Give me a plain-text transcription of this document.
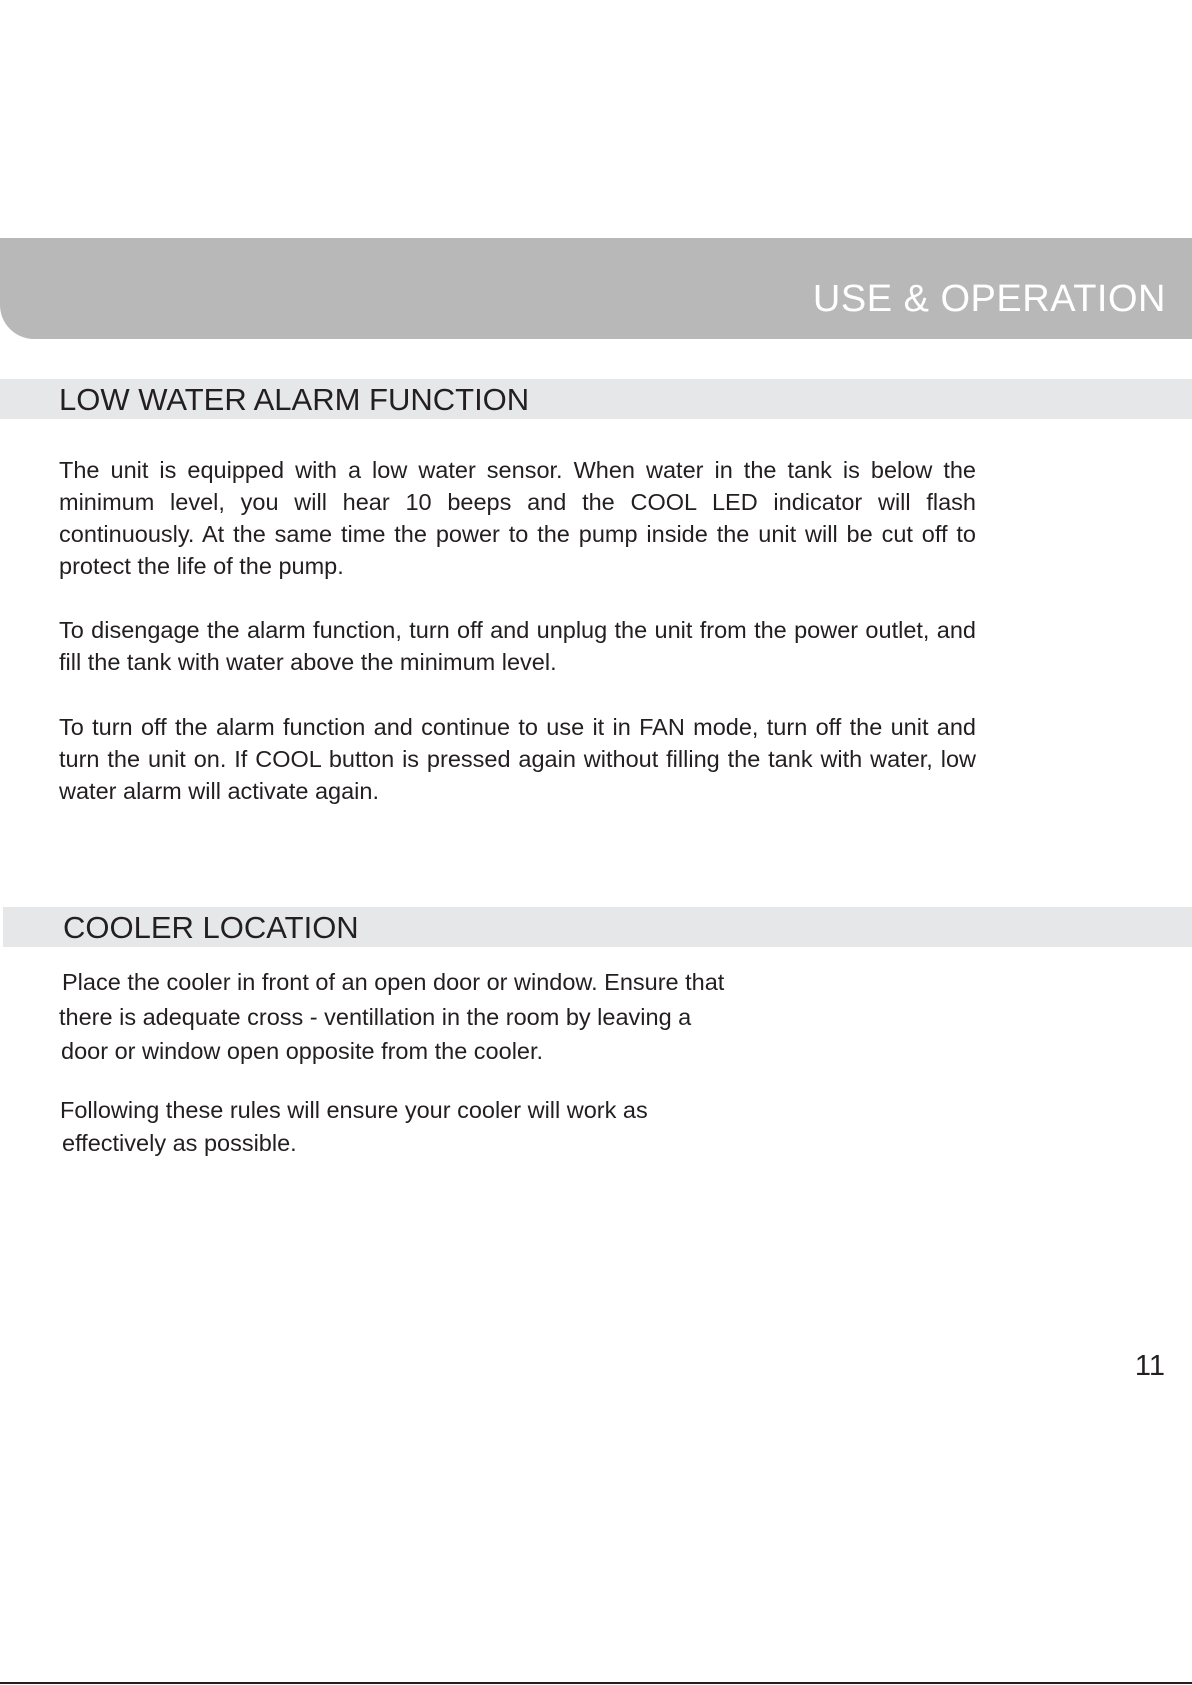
USE & OPERATION
LOW WATER ALARM FUNCTION

The unit is equipped with a low water sensor. When water in the tank is below the minimum level, you will hear 10 beeps and the COOL LED indicator will flash continuously. At the same time the power to the pump inside the unit will be cut off to protect the life of the pump.

To disengage the alarm function, turn off and unplug the unit from the power outlet, and fill the tank with water above the minimum level.

To turn off the alarm function and continue to use it in FAN mode, turn off the unit and turn the unit on. If COOL button is pressed again without filling the tank with water, low water alarm will activate again.

COOLER LOCATION
Place the cooler in front of an open door or window. Ensure that
there is adequate cross - ventillation in the room by leaving a
door or window open opposite from the cooler.
Following these rules will ensure your cooler will work as
effectively as possible.
11
